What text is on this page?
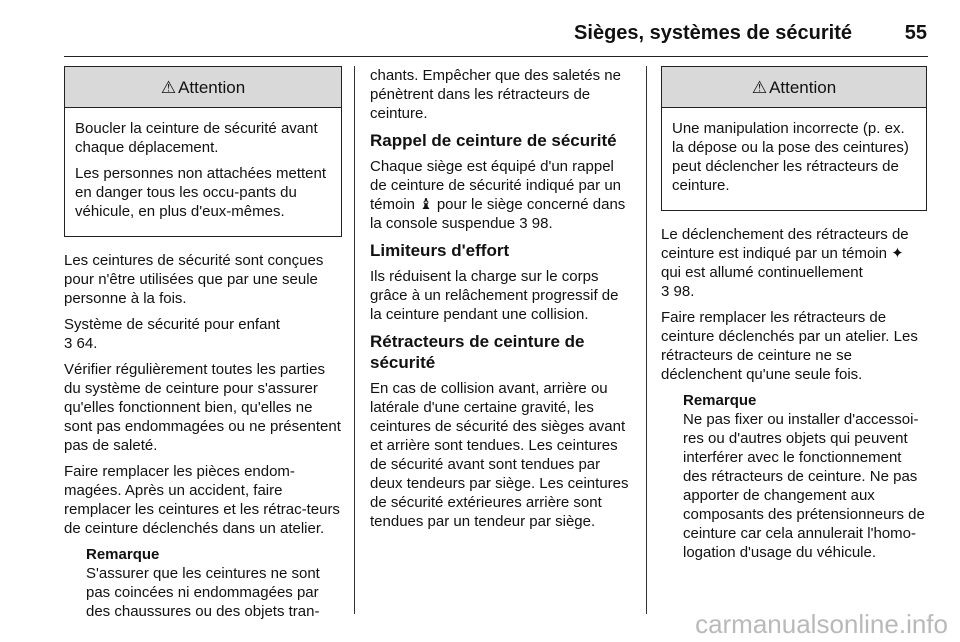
Sièges, systèmes de sécurité	55
⚠ Attention

Boucler la ceinture de sécurité avant chaque déplacement.

Les personnes non attachées mettent en danger tous les occu-pants du véhicule, en plus d'eux-mêmes.

Les ceintures de sécurité sont conçues pour n'être utilisées que par une seule personne à la fois.

Système de sécurité pour enfant
3 64.

Vérifier régulièrement toutes les parties du système de ceinture pour s'assurer qu'elles fonctionnent bien, qu'elles ne sont pas endommagées ou ne présentent pas de saleté.

Faire remplacer les pièces endom-magées. Après un accident, faire remplacer les ceintures et les rétrac-teurs de ceinture déclenchés dans un atelier.

Remarque
S'assurer que les ceintures ne sont pas coincées ni endommagées par des chaussures ou des objets tran-

chants. Empêcher que des saletés ne pénètrent dans les rétracteurs de ceinture.

Rappel de ceinture de sécurité

Chaque siège est équipé d'un rappel de ceinture de sécurité indiqué par un témoin ♝ pour le siège concerné dans la console suspendue 3 98.

Limiteurs d'effort

Ils réduisent la charge sur le corps grâce à un relâchement progressif de la ceinture pendant une collision.

Rétracteurs de ceinture de sécurité

En cas de collision avant, arrière ou latérale d'une certaine gravité, les ceintures de sécurité des sièges avant et arrière sont tendues. Les ceintures de sécurité avant sont tendues par deux tendeurs par siège. Les ceintures de sécurité extérieures arrière sont tendues par un tendeur par siège.

⚠ Attention

Une manipulation incorrecte (p. ex. la dépose ou la pose des ceintures) peut déclencher les rétracteurs de ceinture.

Le déclenchement des rétracteurs de ceinture est indiqué par un témoin ✦
qui est allumé continuellement
3 98.

Faire remplacer les rétracteurs de ceinture déclenchés par un atelier. Les rétracteurs de ceinture ne se déclenchent qu'une seule fois.

Remarque
Ne pas fixer ou installer d'accessoi-res ou d'autres objets qui peuvent interférer avec le fonctionnement des rétracteurs de ceinture. Ne pas apporter de changement aux composants des prétensionneurs de ceinture car cela annulerait l'homo-logation d'usage du véhicule.
carmanualsonline.info
